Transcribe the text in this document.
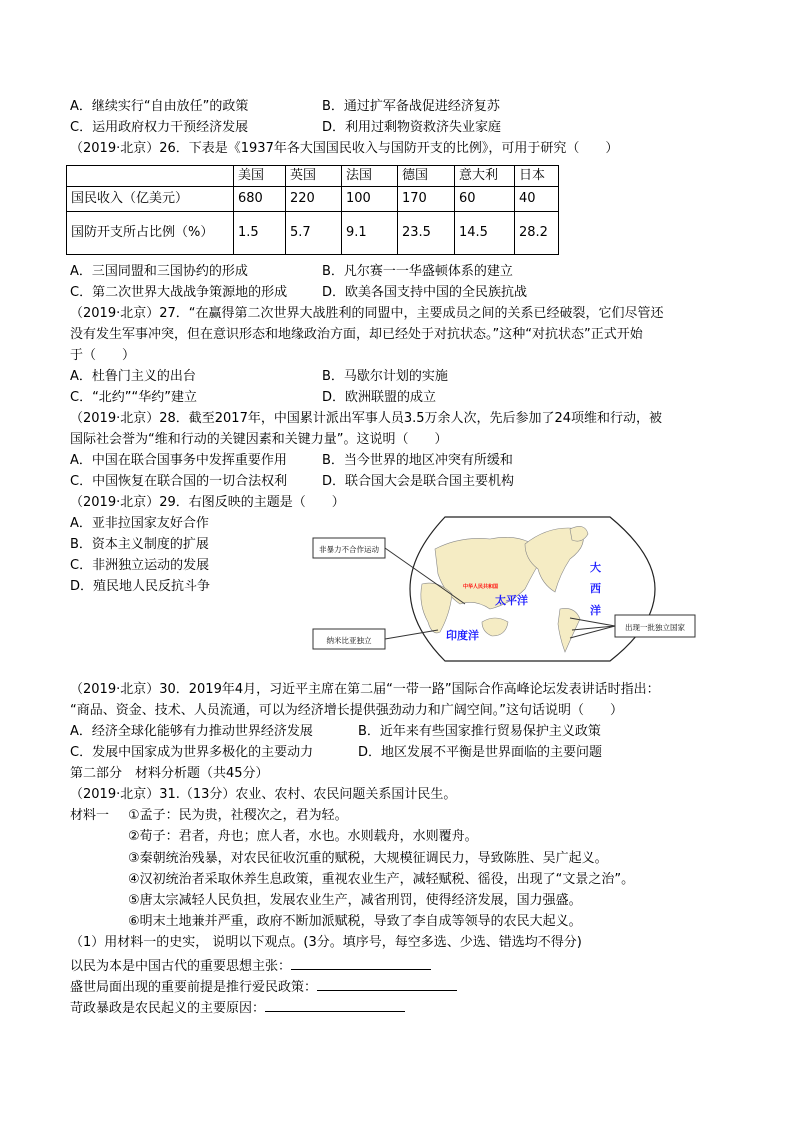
A．继续实行“自由放任”的政策	B．通过扩军备战促进经济复苏
C．运用政府权力干预经济发展	D．利用过剩物资救济失业家庭
（2019·北京）26．下表是《1937年各大国国民收入与国防开支的比例》，可用于研究（　　）
	美国	英国	法国	德国	意大利	日本
国民收入（亿美元）	680	220	100	170	60	40
国防开支所占比例（%）	1.5	5.7	9.1	23.5	14.5	28.2
A．三国同盟和三国协约的形成	B．凡尔赛一一华盛顿体系的建立
C．第二次世界大战战争策源地的形成	D．欧美各国支持中国的全民族抗战
（2019·北京）27．“在赢得第二次世界大战胜利的同盟中，主要成员之间的关系已经破裂，它们尽管还
没有发生军事冲突，但在意识形态和地缘政治方面，却已经处于对抗状态。”这种“对抗状态”正式开始
于（　　）
A．杜鲁门主义的出台	B．马歇尔计划的实施
C．“北约”“华约”建立	D．欧洲联盟的成立
（2019·北京）28．截至2017年，中国累计派出军事人员3.5万余人次，先后参加了24项维和行动，被
国际社会誉为“维和行动的关键因素和关键力量”。这说明（　　）
A．中国在联合国事务中发挥重要作用	B．当今世界的地区冲突有所缓和
C．中国恢复在联合国的一切合法权利	D．联合国大会是联合国主要机构
（2019·北京）29．右图反映的主题是（　　）
A．亚非拉国家友好合作
B．资本主义制度的扩展
C．非洲独立运动的发展
D．殖民地人民反抗斗争
非暴力不合作运动
纳米比亚独立
出现一批独立国家
太平洋
印度洋
大
西
洋
中华人民共和国
（2019·北京）30．2019年4月，习近平主席在第二届“一带一路”国际合作高峰论坛发表讲话时指出：
“商品、资金、技术、人员流通，可以为经济增长提供强劲动力和广阔空间。”这句话说明（　　）
A．经济全球化能够有力推动世界经济发展	B．近年来有些国家推行贸易保护主义政策
C．发展中国家成为世界多极化的主要动力	D．地区发展不平衡是世界面临的主要问题
第二部分　材料分析题（共45分）
（2019·北京）31.（13分）农业、农村、农民问题关系国计民生。
材料一 ①孟子：民为贵，社稷次之，君为轻。
②荀子：君者，舟也；庶人者，水也。水则载舟，水则覆舟。
③秦朝统治残暴，对农民征收沉重的赋税，大规模征调民力，导致陈胜、吴广起义。
④汉初统治者采取休养生息政策，重视农业生产，减轻赋税、徭役，出现了“文景之治”。
⑤唐太宗减轻人民负担，发展农业生产，减省刑罚，使得经济发展，国力强盛。
⑥明末土地兼并严重，政府不断加派赋税，导致了李自成等领导的农民大起义。
（1）用材料一的史实， 说明以下观点。(3分。填序号，每空多选、少选、错选均不得分)
以民为本是中国古代的重要思想主张：
盛世局面出现的重要前提是推行爱民政策：
苛政暴政是农民起义的主要原因：
